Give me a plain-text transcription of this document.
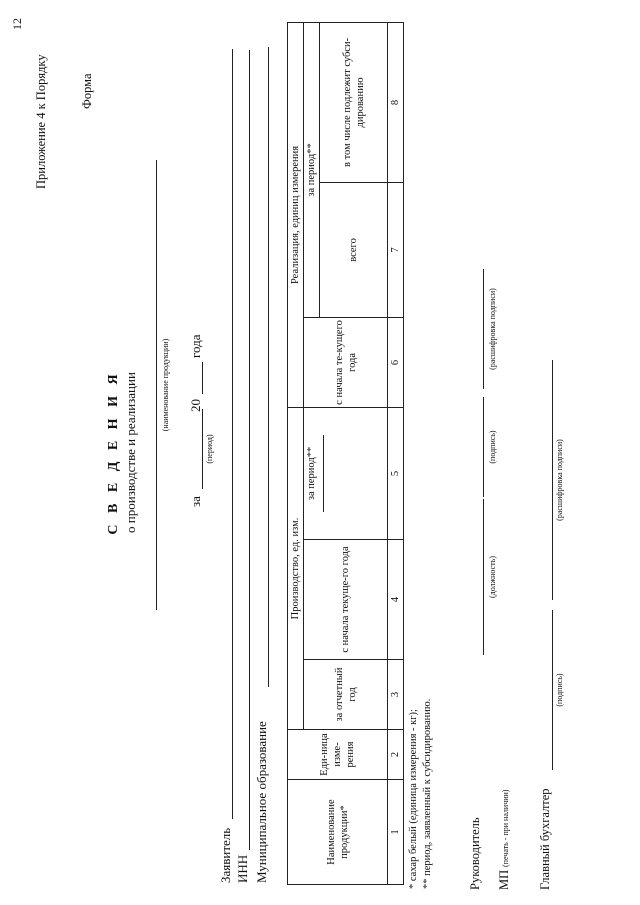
12
Приложение 4 к Порядку	Форма
С В Е Д Е Н И Я о производстве и реализации	(наименование продукции)
за
(период)
20
года
Заявитель ИНН Муниципальное образование	Наименование продукции*	Еди-ница изме-рения	Производство, ед. изм.			Реализация, единиц измерения		
		за отчетный год	с начала текуще-го года	за период**	с начала те-кущего года	за период**	
						всего	в том числе подлежит субси-дированию
1	2	3	4	5	6	7	8
* сахар белый (единица измерения - кг); ** период, заявленный к субсидированию.	Руководитель
(должность)
(подпись)
(расшифровка подписи)
МП
(печать - при наличии) Главный бухгалтер
(подпись)
(расшифровка подписи)
